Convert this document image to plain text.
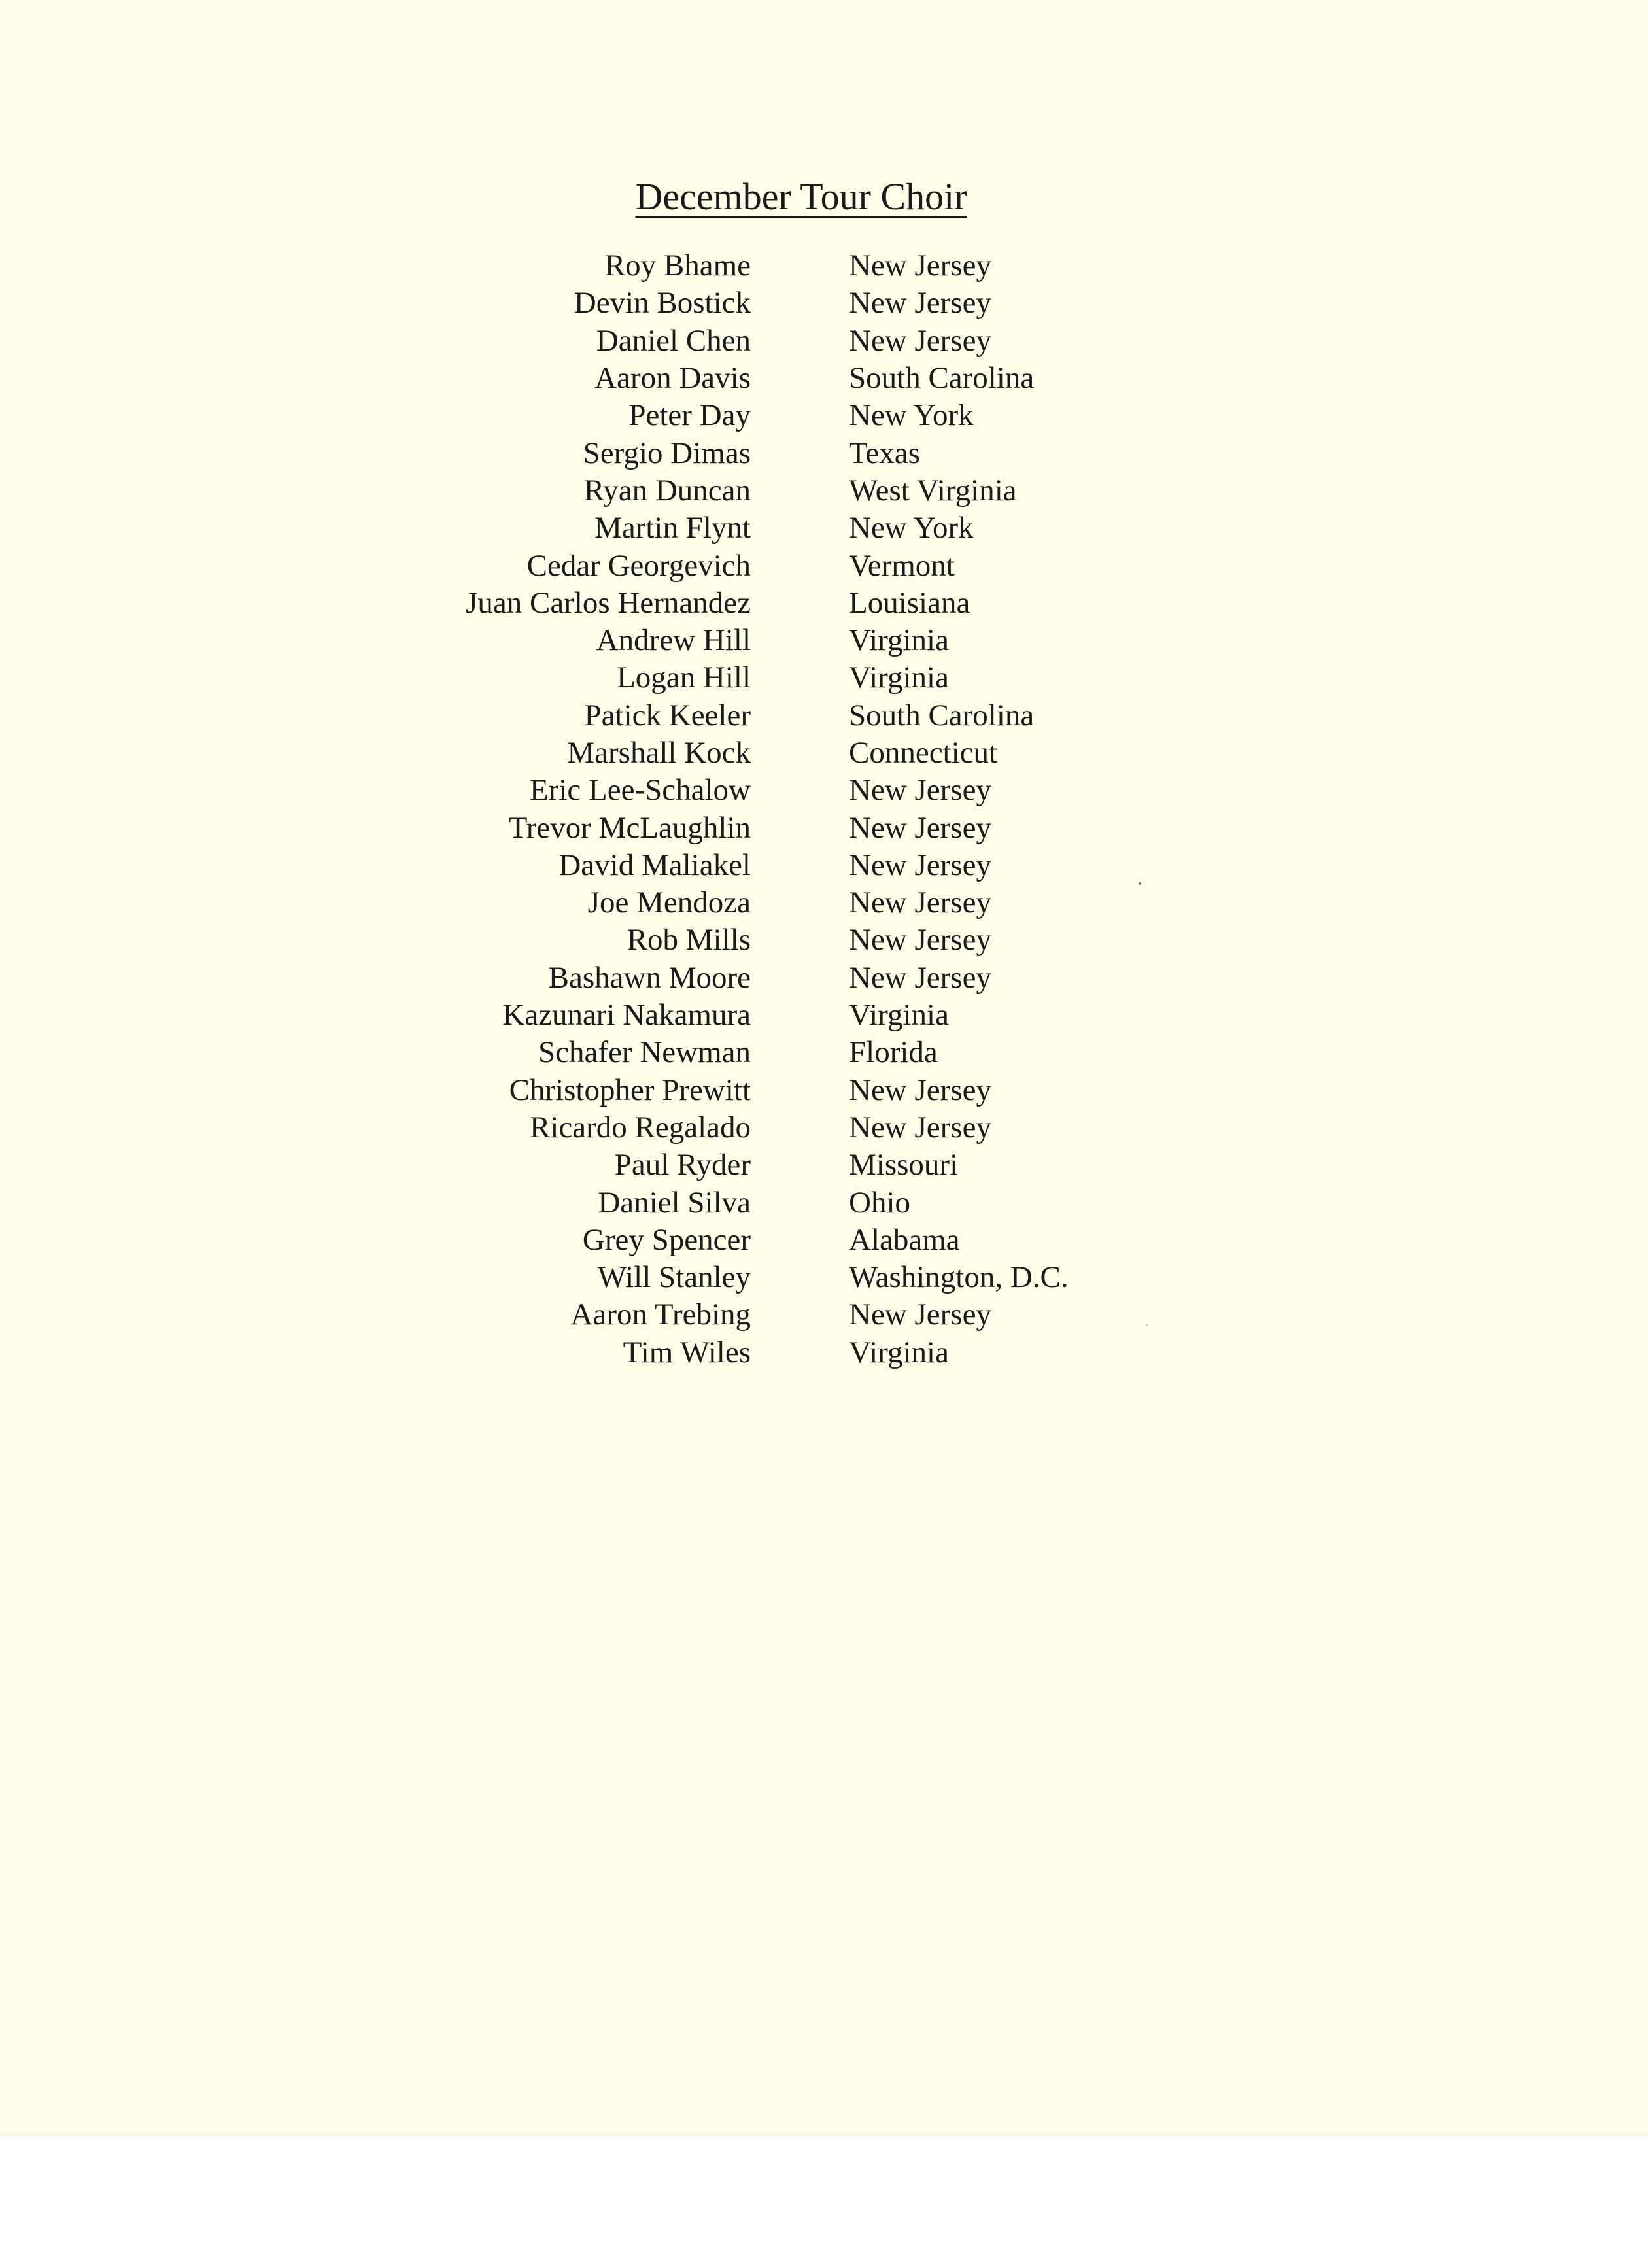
December Tour Choir
Roy Bhame	New Jersey
Devin Bostick	New Jersey
Daniel Chen	New Jersey
Aaron Davis	South Carolina
Peter Day	New York
Sergio Dimas	Texas
Ryan Duncan	West Virginia
Martin Flynt	New York
Cedar Georgevich	Vermont
Juan Carlos Hernandez	Louisiana
Andrew Hill	Virginia
Logan Hill	Virginia
Patick Keeler	South Carolina
Marshall Kock	Connecticut
Eric Lee-Schalow	New Jersey
Trevor McLaughlin	New Jersey
David Maliakel	New Jersey
Joe Mendoza	New Jersey
Rob Mills	New Jersey
Bashawn Moore	New Jersey
Kazunari Nakamura	Virginia
Schafer Newman	Florida
Christopher Prewitt	New Jersey
Ricardo Regalado	New Jersey
Paul Ryder	Missouri
Daniel Silva	Ohio
Grey Spencer	Alabama
Will Stanley	Washington, D.C.
Aaron Trebing	New Jersey
Tim Wiles	Virginia
